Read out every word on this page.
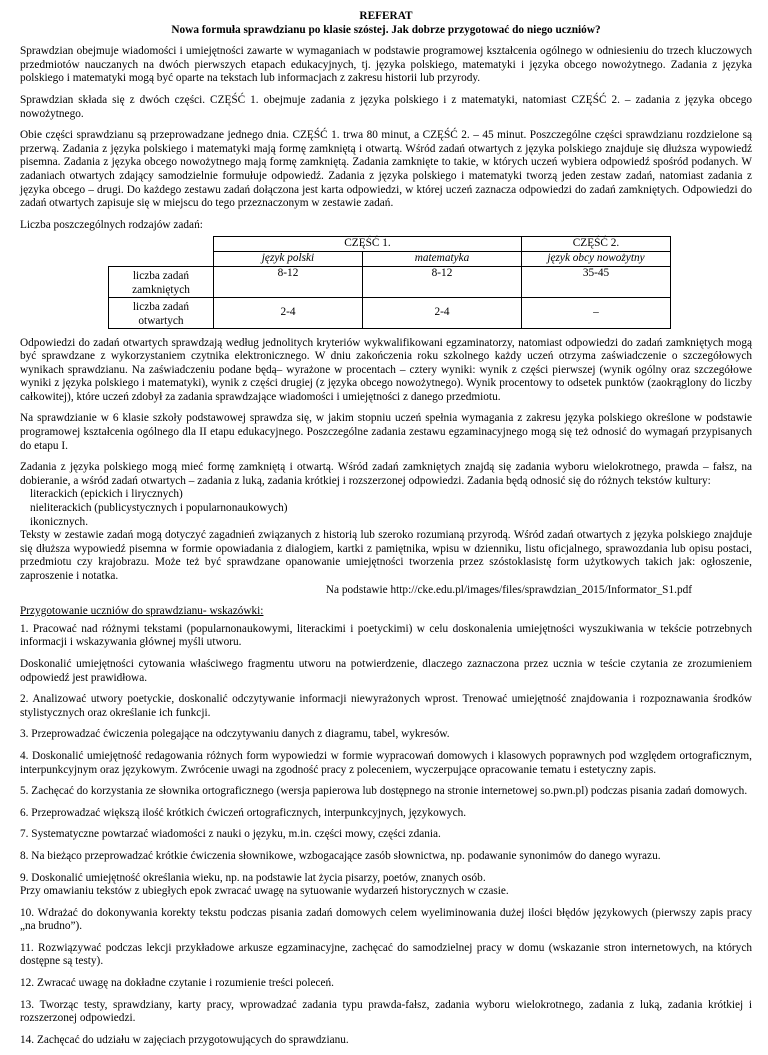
REFERAT

Nowa formuła sprawdzianu po klasie szóstej. Jak dobrze przygotować do niego uczniów?

Sprawdzian obejmuje wiadomości i umiejętności zawarte w wymaganiach w podstawie programowej kształcenia ogólnego w odniesieniu do trzech kluczowych przedmiotów nauczanych na dwóch pierwszych etapach edukacyjnych, tj. języka polskiego, matematyki i języka obcego nowożytnego. Zadania z języka polskiego i matematyki mogą być oparte na tekstach lub informacjach z zakresu historii lub przyrody.

Sprawdzian składa się z dwóch części. CZĘŚĆ 1. obejmuje zadania z języka polskiego i z matematyki, natomiast CZĘŚĆ 2. – zadania z języka obcego nowożytnego.

Obie części sprawdzianu są przeprowadzane jednego dnia. CZĘŚĆ 1. trwa 80 minut, a CZĘŚĆ 2. – 45 minut. Poszczególne części sprawdzianu rozdzielone są przerwą. Zadania z języka polskiego i matematyki mają formę zamkniętą i otwartą. Wśród zadań otwartych z języka polskiego znajduje się dłuższa wypowiedź pisemna. Zadania z języka obcego nowożytnego mają formę zamkniętą. Zadania zamknięte to takie, w których uczeń wybiera odpowiedź spośród podanych. W zadaniach otwartych zdający samodzielnie formułuje odpowiedź. Zadania z języka polskiego i matematyki tworzą jeden zestaw zadań, natomiast zadania z języka obcego – drugi. Do każdego zestawu zadań dołączona jest karta odpowiedzi, w której uczeń zaznacza odpowiedzi do zadań zamkniętych. Odpowiedzi do zadań otwartych zapisuje się w miejscu do tego przeznaczonym w zestawie zadań.

Liczba poszczególnych rodzajów zadań:

	CZĘŚĆ 1.		CZĘŚĆ 2.
	język polski	matematyka	język obcy nowożytny
liczba zadań zamkniętych	8-12	8-12	35-45
liczba zadań otwartych	2-4	2-4	–

Odpowiedzi do zadań otwartych sprawdzają według jednolitych kryteriów wykwalifikowani egzaminatorzy, natomiast odpowiedzi do zadań zamkniętych mogą być sprawdzane z wykorzystaniem czytnika elektronicznego. W dniu zakończenia roku szkolnego każdy uczeń otrzyma zaświadczenie o szczegółowych wynikach sprawdzianu. Na zaświadczeniu podane będą– wyrażone w procentach – cztery wyniki: wynik z części pierwszej (wynik ogólny oraz szczegółowe wyniki z języka polskiego i matematyki), wynik z części drugiej (z języka obcego nowożytnego). Wynik procentowy to odsetek punktów (zaokrąglony do liczby całkowitej), które uczeń zdobył za zadania sprawdzające wiadomości i umiejętności z danego przedmiotu.

Na sprawdzianie w 6 klasie szkoły podstawowej sprawdza się, w jakim stopniu uczeń spełnia wymagania z zakresu języka polskiego określone w podstawie programowej kształcenia ogólnego dla II etapu edukacyjnego. Poszczególne zadania zestawu egzaminacyjnego mogą się też odnosić do wymagań przypisanych do etapu I.

Zadania z języka polskiego mogą mieć formę zamkniętą i otwartą. Wśród zadań zamkniętych znajdą się zadania wyboru wielokrotnego, prawda – fałsz, na dobieranie, a wśród zadań otwartych – zadania z luką, zadania krótkiej i rozszerzonej odpowiedzi. Zadania będą odnosić się do różnych tekstów kultury:

literackich (epickich i lirycznych)
nieliterackich (publicystycznych i popularnonaukowych)
ikonicznych.

Teksty w zestawie zadań mogą dotyczyć zagadnień związanych z historią lub szeroko rozumianą przyrodą. Wśród zadań otwartych z języka polskiego znajduje się dłuższa wypowiedź pisemna w formie opowiadania z dialogiem, kartki z pamiętnika, wpisu w dzienniku, listu oficjalnego, sprawozdania lub opisu postaci, przedmiotu czy krajobrazu. Może też być sprawdzane opanowanie umiejętności tworzenia przez szóstoklasistę form użytkowych takich jak: ogłoszenie, zaproszenie i notatka.

Na podstawie http://cke.edu.pl/images/files/sprawdzian_2015/Informator_S1.pdf

Przygotowanie uczniów do sprawdzianu- wskazówki:

1. Pracować nad różnymi tekstami (popularnonaukowymi, literackimi i poetyckimi) w celu doskonalenia umiejętności wyszukiwania w tekście potrzebnych informacji i wskazywania głównej myśli utworu.

Doskonalić umiejętności cytowania właściwego fragmentu utworu na potwierdzenie, dlaczego zaznaczona przez ucznia w teście czytania ze zrozumieniem odpowiedź jest prawidłowa.

2. Analizować utwory poetyckie, doskonalić odczytywanie informacji niewyrażonych wprost. Trenować umiejętność znajdowania i rozpoznawania środków stylistycznych oraz określanie ich funkcji.

3. Przeprowadzać ćwiczenia polegające na odczytywaniu danych z diagramu, tabel, wykresów.

4. Doskonalić umiejętność redagowania różnych form wypowiedzi w formie wypracowań domowych i klasowych poprawnych pod względem ortograficznym, interpunkcyjnym oraz językowym. Zwrócenie uwagi na zgodność pracy z poleceniem, wyczerpujące opracowanie tematu i estetyczny zapis.

5. Zachęcać do korzystania ze słownika ortograficznego (wersja papierowa lub dostępnego na stronie internetowej so.pwn.pl) podczas pisania zadań domowych.

6. Przeprowadzać większą ilość krótkich ćwiczeń ortograficznych, interpunkcyjnych, językowych.

7. Systematyczne powtarzać wiadomości z nauki o języku, m.in. części mowy, części zdania.

8. Na bieżąco przeprowadzać krótkie ćwiczenia słownikowe, wzbogacające zasób słownictwa, np. podawanie synonimów do danego wyrazu.

9. Doskonalić umiejętność określania wieku, np. na podstawie lat życia pisarzy, poetów, znanych osób.
Przy omawianiu tekstów z ubiegłych epok zwracać uwagę na sytuowanie wydarzeń historycznych w czasie.

10. Wdrażać do dokonywania korekty tekstu podczas pisania zadań domowych celem wyeliminowania dużej ilości błędów językowych (pierwszy zapis pracy „na brudno”).

11. Rozwiązywać podczas lekcji przykładowe arkusze egzaminacyjne, zachęcać do samodzielnej pracy w domu (wskazanie stron internetowych, na których dostępne są testy).

12. Zwracać uwagę na dokładne czytanie i rozumienie treści poleceń.

13. Tworząc testy, sprawdziany, karty pracy, wprowadzać zadania typu prawda-fałsz, zadania wyboru wielokrotnego, zadania z luką, zadania krótkiej i rozszerzonej odpowiedzi.

14. Zachęcać do udziału w zajęciach przygotowujących do sprawdzianu.
